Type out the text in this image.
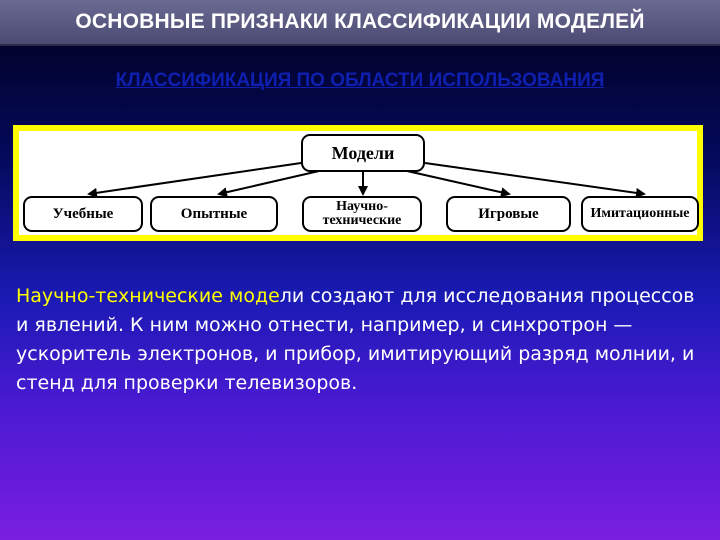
ОСНОВНЫЕ ПРИЗНАКИ КЛАССИФИКАЦИИ МОДЕЛЕЙ
КЛАССИФИКАЦИЯ ПО ОБЛАСТИ ИСПОЛЬЗОВАНИЯ
Модели
Учебные	Опытные	Научно-
технические	Игровые	Имитационные

Научно-технические модели создают для исследования процессов и явлений. К ним можно отнести, например, и синхротрон — ускоритель электронов, и прибор, имитирующий разряд молнии, и стенд для проверки телевизоров.
